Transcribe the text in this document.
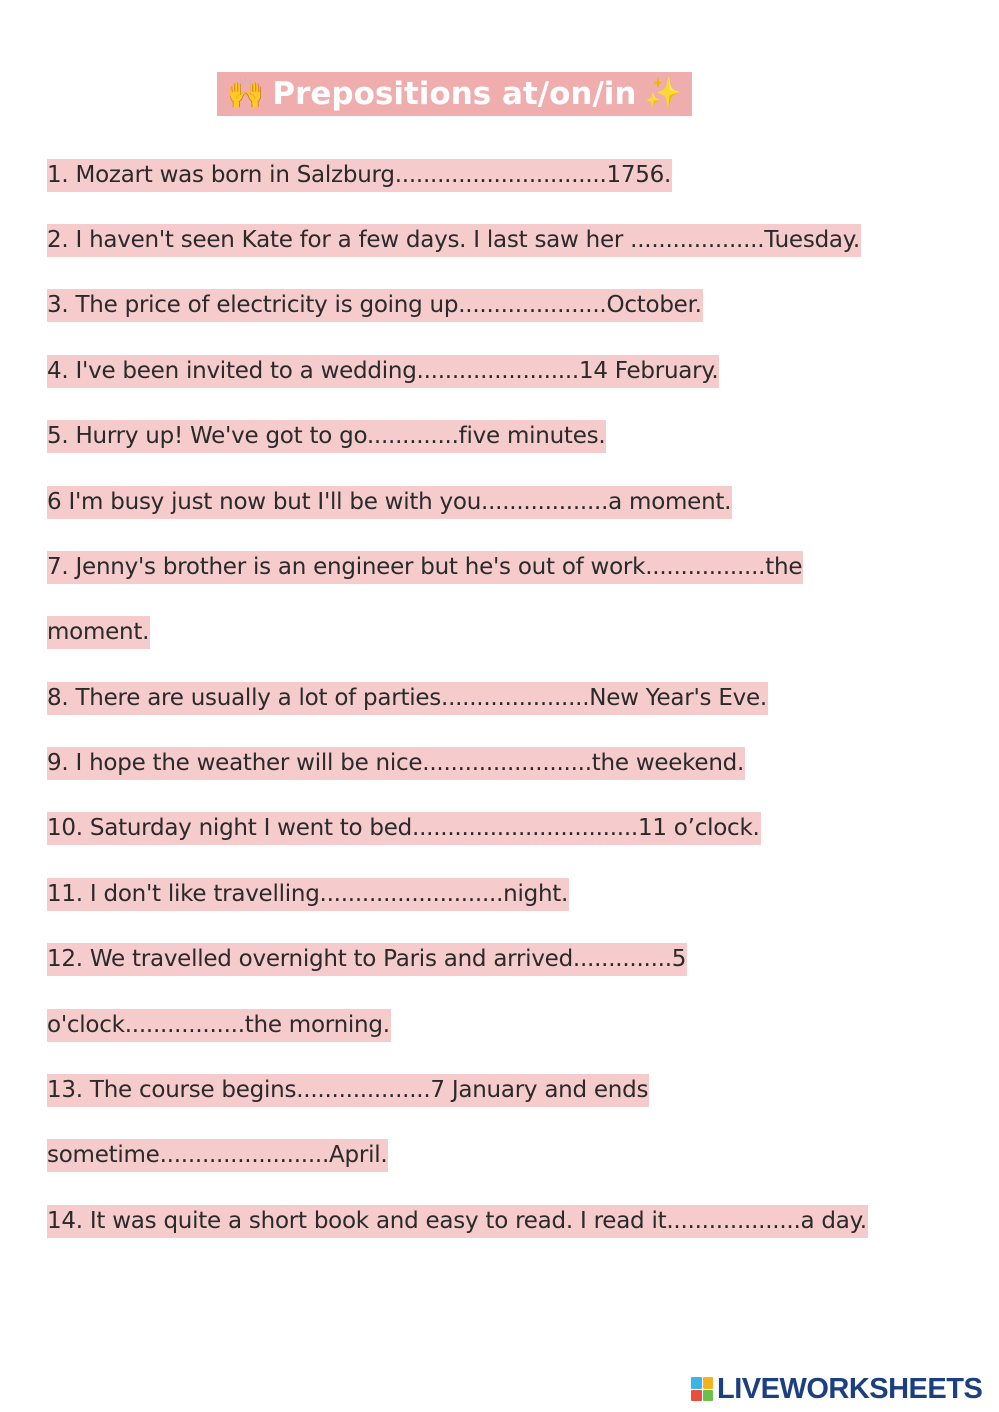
🙌 Prepositions at/on/in ✨
1. Mozart was born in Salzburg..............................1756.
2. I haven't seen Kate for a few days. I last saw her ...................Tuesday.
3. The price of electricity is going up.....................October.
4. I've been invited to a wedding.......................14 February.
5. Hurry up! We've got to go.............five minutes.
6 I'm busy just now but I'll be with you..................a moment.
7. Jenny's brother is an engineer but he's out of work.................the
moment.
8. There are usually a lot of parties.....................New Year's Eve.
9. I hope the weather will be nice........................the weekend.
10. Saturday night I went to bed................................11 o’clock.
11. I don't like travelling..........................night.
12. We travelled overnight to Paris and arrived..............5
o'clock.................the morning.
13. The course begins...................7 January and ends
sometime........................April.
14. It was quite a short book and easy to read. I read it...................a day.
LIVEWORKSHEETS
